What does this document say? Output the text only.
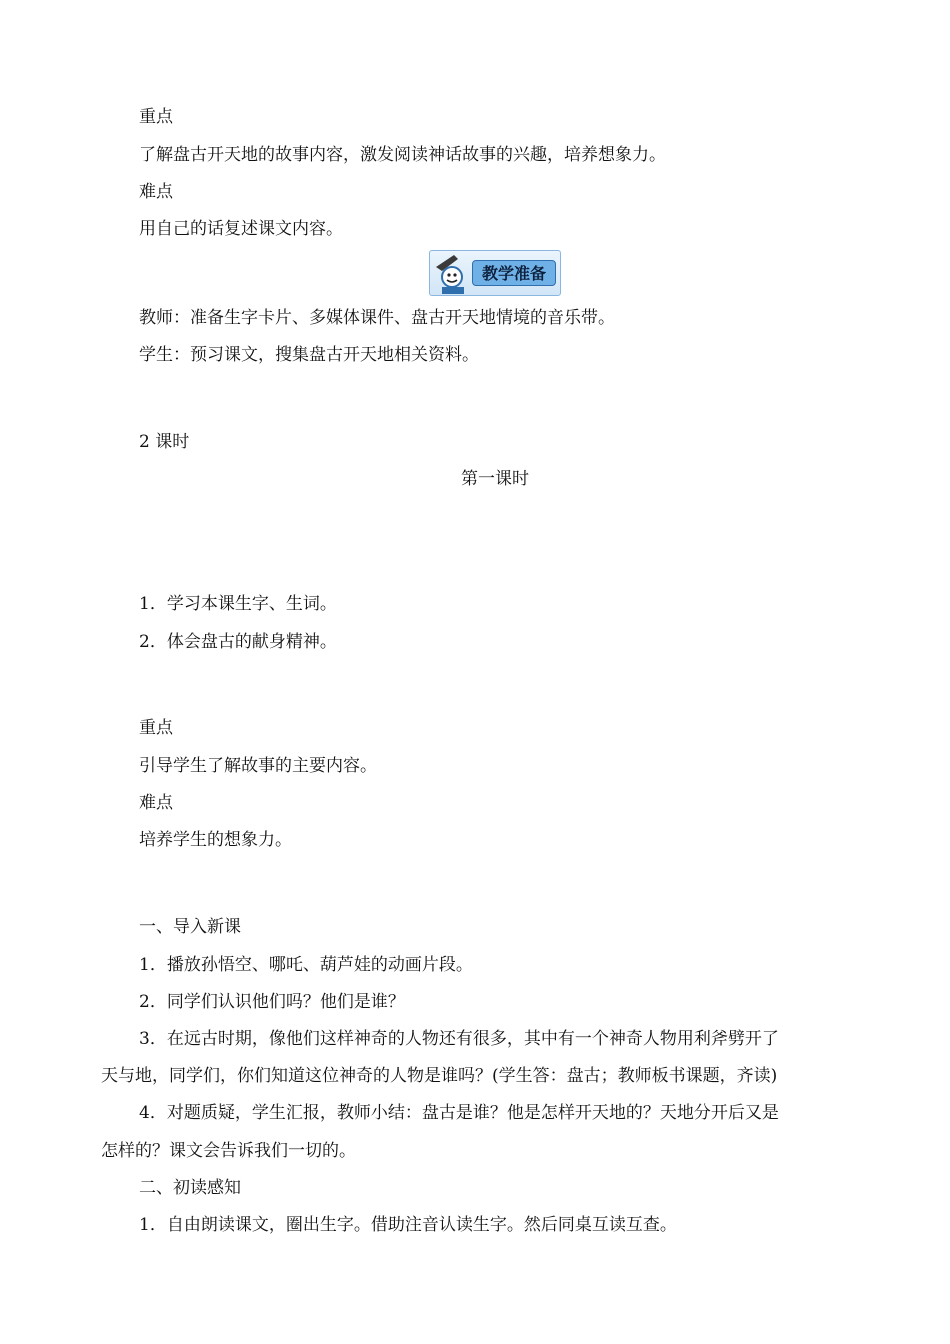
重点
了解盘古开天地的故事内容，激发阅读神话故事的兴趣，培养想象力。
难点
用自己的话复述课文内容。
教学准备
教师：准备生字卡片、多媒体课件、盘古开天地情境的音乐带。
学生：预习课文，搜集盘古开天地相关资料。
2 课时
第一课时
1．学习本课生字、生词。
2．体会盘古的献身精神。
重点
引导学生了解故事的主要内容。
难点
培养学生的想象力。
一、导入新课
1．播放孙悟空、哪吒、葫芦娃的动画片段。
2．同学们认识他们吗？他们是谁？
3．在远古时期，像他们这样神奇的人物还有很多，其中有一个神奇人物用利斧劈开了
天与地，同学们，你们知道这位神奇的人物是谁吗？(学生答：盘古；教师板书课题，齐读)
4．对题质疑，学生汇报，教师小结：盘古是谁？他是怎样开天地的？天地分开后又是
怎样的？课文会告诉我们一切的。
二、初读感知
1．自由朗读课文，圈出生字。借助注音认读生字。然后同桌互读互查。
